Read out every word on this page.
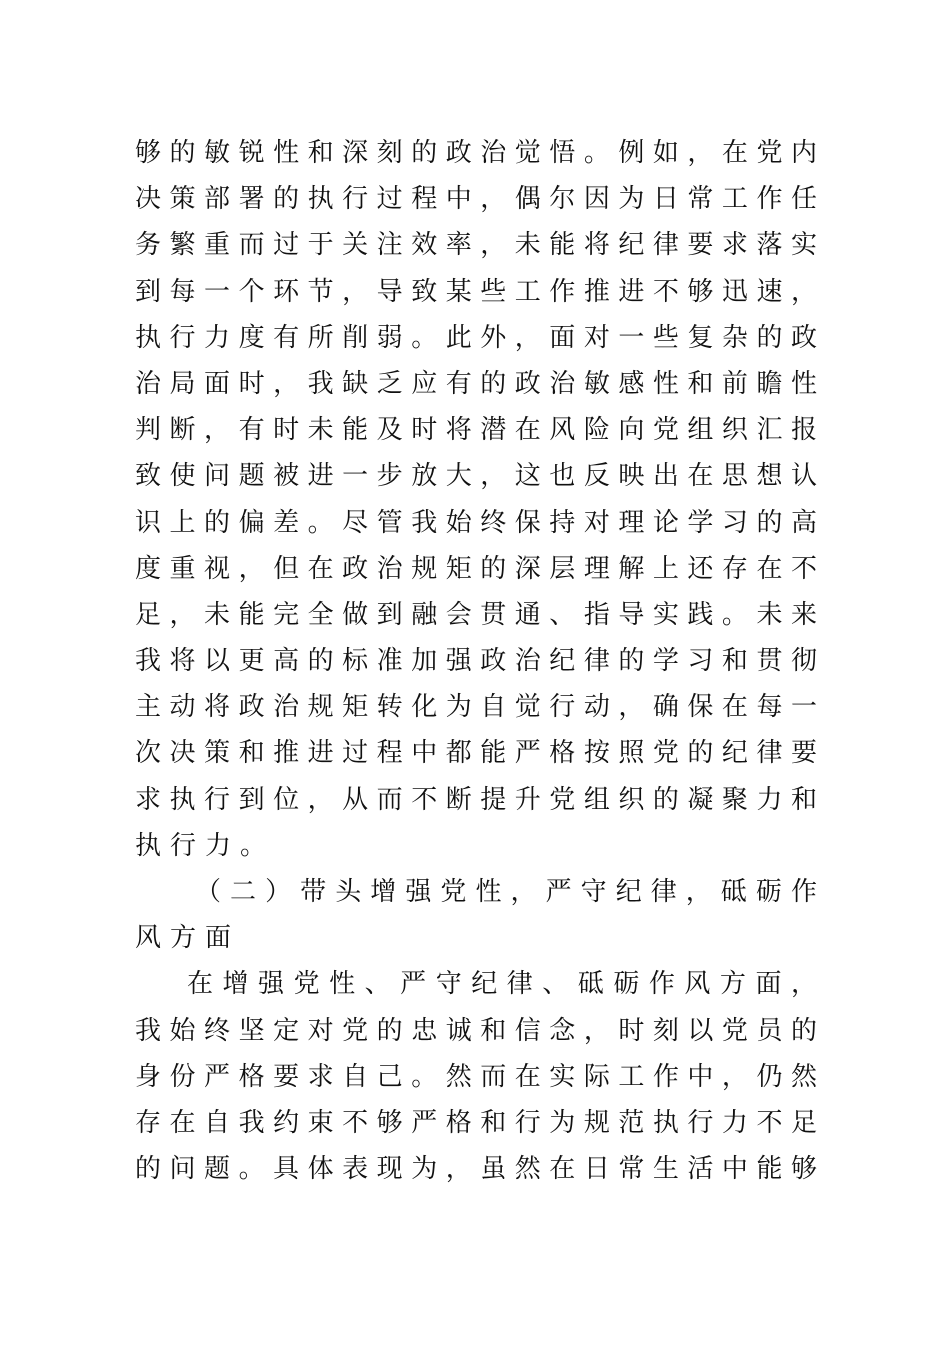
够的敏锐性和深刻的政治觉悟。例如，在党内
决策部署的执行过程中，偶尔因为日常工作任
务繁重而过于关注效率，未能将纪律要求落实
到每一个环节，导致某些工作推进不够迅速，
执行力度有所削弱。此外，面对一些复杂的政
治局面时，我缺乏应有的政治敏感性和前瞻性
判断，有时未能及时将潜在风险向党组织汇报
致使问题被进一步放大，这也反映出在思想认
识上的偏差。尽管我始终保持对理论学习的高
度重视，但在政治规矩的深层理解上还存在不
足，未能完全做到融会贯通、指导实践。未来
我将以更高的标准加强政治纪律的学习和贯彻
主动将政治规矩转化为自觉行动，确保在每一
次决策和推进过程中都能严格按照党的纪律要
求执行到位，从而不断提升党组织的凝聚力和
执行力。
（二）带头增强党性，严守纪律，砥砺作
风方面
在增强党性、严守纪律、砥砺作风方面，
我始终坚定对党的忠诚和信念，时刻以党员的
身份严格要求自己。然而在实际工作中，仍然
存在自我约束不够严格和行为规范执行力不足
的问题。具体表现为，虽然在日常生活中能够
